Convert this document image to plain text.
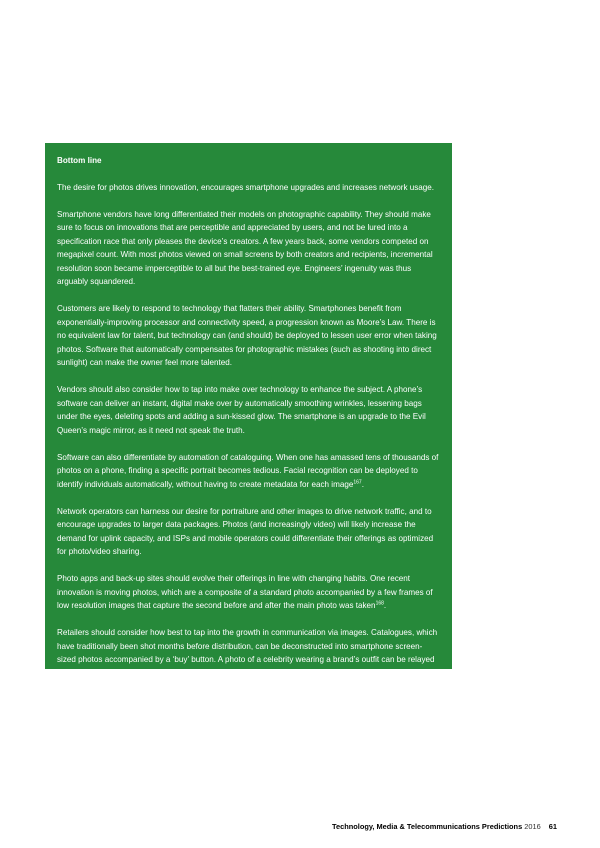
Bottom line

The desire for photos drives innovation, encourages smartphone upgrades and increases network usage.

Smartphone vendors have long differentiated their models on photographic capability. They should make sure to focus on innovations that are perceptible and appreciated by users, and not be lured into a specification race that only pleases the device’s creators. A few years back, some vendors competed on megapixel count. With most photos viewed on small screens by both creators and recipients, incremental resolution soon became imperceptible to all but the best-trained eye. Engineers’ ingenuity was thus arguably squandered.

Customers are likely to respond to technology that flatters their ability. Smartphones benefit from exponentially-improving processor and connectivity speed, a progression known as Moore’s Law. There is no equivalent law for talent, but technology can (and should) be deployed to lessen user error when taking photos. Software that automatically compensates for photographic mistakes (such as shooting into direct sunlight) can make the owner feel more talented.

Vendors should also consider how to tap into make over technology to enhance the subject. A phone’s software can deliver an instant, digital make over by automatically smoothing wrinkles, lessening bags under the eyes, deleting spots and adding a sun-kissed glow. The smartphone is an upgrade to the Evil Queen’s magic mirror, as it need not speak the truth.

Software can also differentiate by automation of cataloguing. When one has amassed tens of thousands of photos on a phone, finding a specific portrait becomes tedious. Facial recognition can be deployed to identify individuals automatically, without having to create metadata for each image$^{167}$.

Network operators can harness our desire for portraiture and other images to drive network traffic, and to encourage upgrades to larger data packages. Photos (and increasingly video) will likely increase the demand for uplink capacity, and ISPs and mobile operators could differentiate their offerings as optimized for photo/video sharing.

Photo apps and back-up sites should evolve their offerings in line with changing habits. One recent innovation is moving photos, which are a composite of a standard photo accompanied by a few frames of low resolution images that capture the second before and after the main photo was taken$^{168}$.

Retailers should consider how best to tap into the growth in communication via images. Catalogues, which have traditionally been shot months before distribution, can be deconstructed into smartphone screen-sized photos accompanied by a ‘buy’ button. A photo of a celebrity wearing a brand’s outfit can be relayed immediately to fans – there is no need to wait for this to appear in a newspaper, magazine or on a website.

Technology, Media & Telecommunications Predictions 2016 61
